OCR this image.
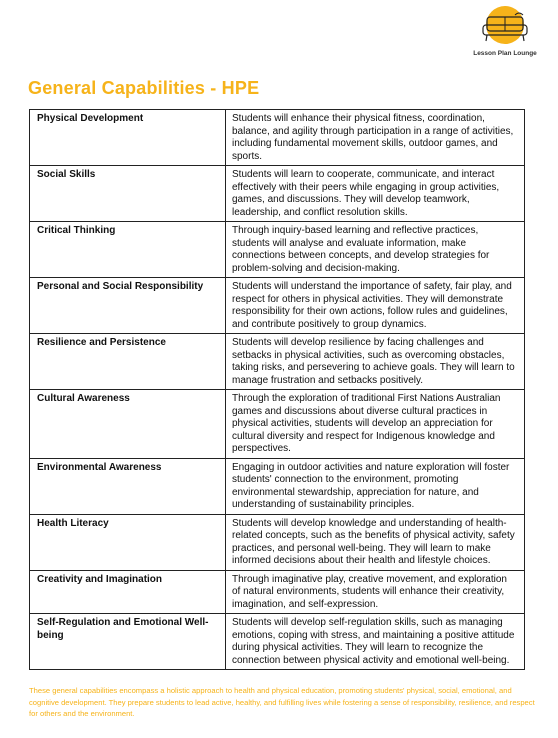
Lesson Plan Lounge
General Capabilities - HPE
Physical Development	Students will enhance their physical fitness, coordination, balance, and agility through participation in a range of activities, including fundamental movement skills, outdoor games, and sports.
Social Skills	Students will learn to cooperate, communicate, and interact effectively with their peers while engaging in group activities, games, and discussions. They will develop teamwork, leadership, and conflict resolution skills.
Critical Thinking	Through inquiry-based learning and reflective practices, students will analyse and evaluate information, make connections between concepts, and develop strategies for problem-solving and decision-making.
Personal and Social Responsibility	Students will understand the importance of safety, fair play, and respect for others in physical activities. They will demonstrate responsibility for their own actions, follow rules and guidelines, and contribute positively to group dynamics.
Resilience and Persistence	Students will develop resilience by facing challenges and setbacks in physical activities, such as overcoming obstacles, taking risks, and persevering to achieve goals. They will learn to manage frustration and setbacks positively.
Cultural Awareness	Through the exploration of traditional First Nations Australian games and discussions about diverse cultural practices in physical activities, students will develop an appreciation for cultural diversity and respect for Indigenous knowledge and perspectives.
Environmental Awareness	Engaging in outdoor activities and nature exploration will foster students' connection to the environment, promoting environmental stewardship, appreciation for nature, and understanding of sustainability principles.
Health Literacy	Students will develop knowledge and understanding of health-related concepts, such as the benefits of physical activity, safety practices, and personal well-being. They will learn to make informed decisions about their health and lifestyle choices.
Creativity and Imagination	Through imaginative play, creative movement, and exploration of natural environments, students will enhance their creativity, imagination, and self-expression.
Self-Regulation and Emotional Well-being	Students will develop self-regulation skills, such as managing emotions, coping with stress, and maintaining a positive attitude during physical activities. They will learn to recognize the connection between physical activity and emotional well-being.
These general capabilities encompass a holistic approach to health and physical education, promoting students' physical, social, emotional, and cognitive development. They prepare students to lead active, healthy, and fulfilling lives while fostering a sense of responsibility, resilience, and respect for others and the environment.
